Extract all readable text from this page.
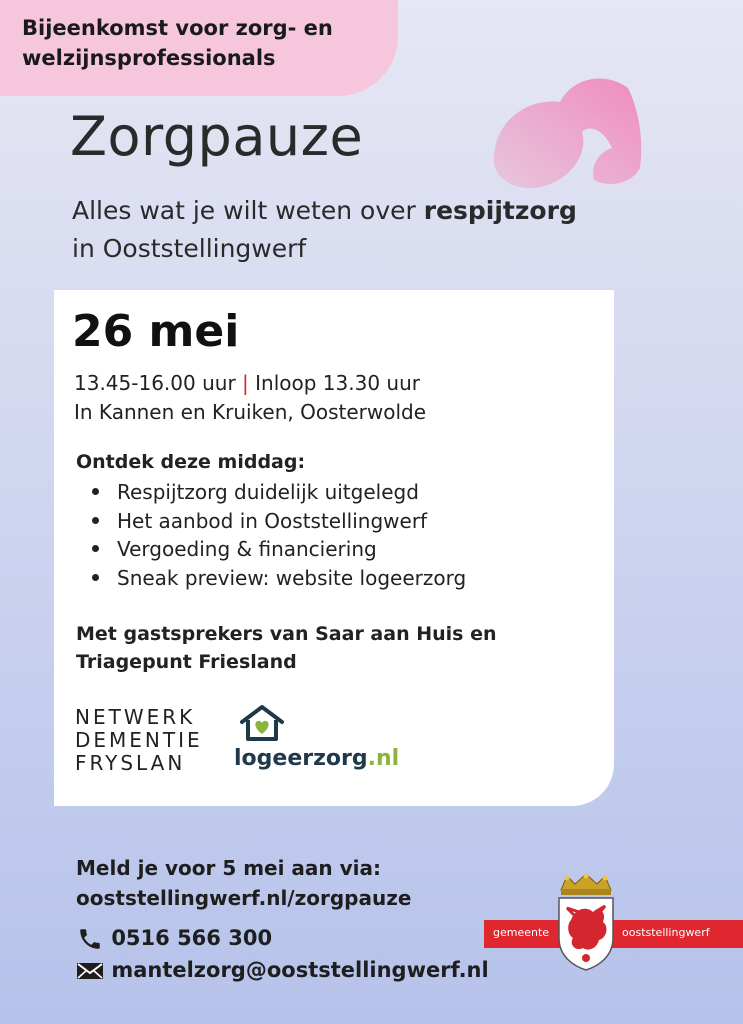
Bijeenkomst voor zorg- en
welzijnsprofessionals
Zorgpauze
Alles wat je wilt weten over respijtzorg
in Ooststellingwerf
26 mei
13.45-16.00 uur | Inloop 13.30 uur
In Kannen en Kruiken, Oosterwolde
Ontdek deze middag:
Respijtzorg duidelijk uitgelegd
Het aanbod in Ooststellingwerf
Vergoeding & financiering
Sneak preview: website logeerzorg
Met gastsprekers van Saar aan Huis en
Triagepunt Friesland
NETWERK
DEMENTIE
FRYSLAN	logeerzorg.nl
Meld je voor 5 mei aan via:
ooststellingwerf.nl/zorgpauze
0516 566 300
mantelzorg@ooststellingwerf.nl
gemeente	ooststellingwerf
